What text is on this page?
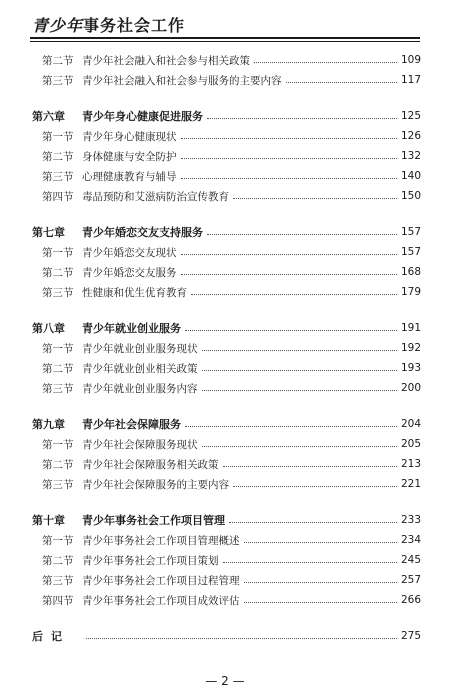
青少年事务社会工作
第二节 青少年社会融入和社会参与相关政策	109
第三节 青少年社会融入和社会参与服务的主要内容	117
第六章	青少年身心健康促进服务	125
第一节 青少年身心健康现状	126
第二节 身体健康与安全防护	132
第三节 心理健康教育与辅导	140
第四节 毒品预防和艾滋病防治宣传教育	150
第七章	青少年婚恋交友支持服务	157
第一节 青少年婚恋交友现状	157
第二节 青少年婚恋交友服务	168
第三节 性健康和优生优育教育	179
第八章	青少年就业创业服务	191
第一节 青少年就业创业服务现状	192
第二节 青少年就业创业相关政策	193
第三节 青少年就业创业服务内容	200
第九章	青少年社会保障服务	204
第一节 青少年社会保障服务现状	205
第二节 青少年社会保障服务相关政策	213
第三节 青少年社会保障服务的主要内容	221
第十章	青少年事务社会工作项目管理	233
第一节 青少年事务社会工作项目管理概述	234
第二节 青少年事务社会工作项目策划	245
第三节 青少年事务社会工作项目过程管理	257
第四节 青少年事务社会工作项目成效评估	266
后记	275
— 2 —
